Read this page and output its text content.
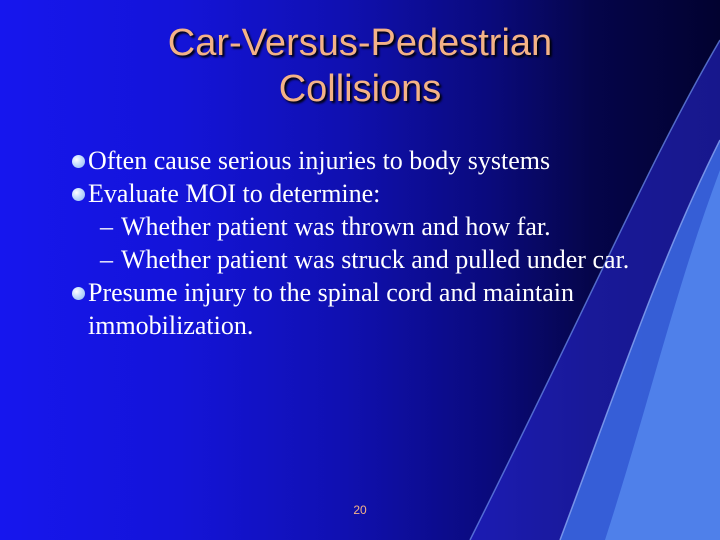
Car-Versus-Pedestrian
Collisions
Often cause serious injuries to body systems
Evaluate MOI to determine:
– Whether patient was thrown and how far.
– Whether patient was struck and pulled under car.
Presume injury to the spinal cord and maintain immobilization.
20
